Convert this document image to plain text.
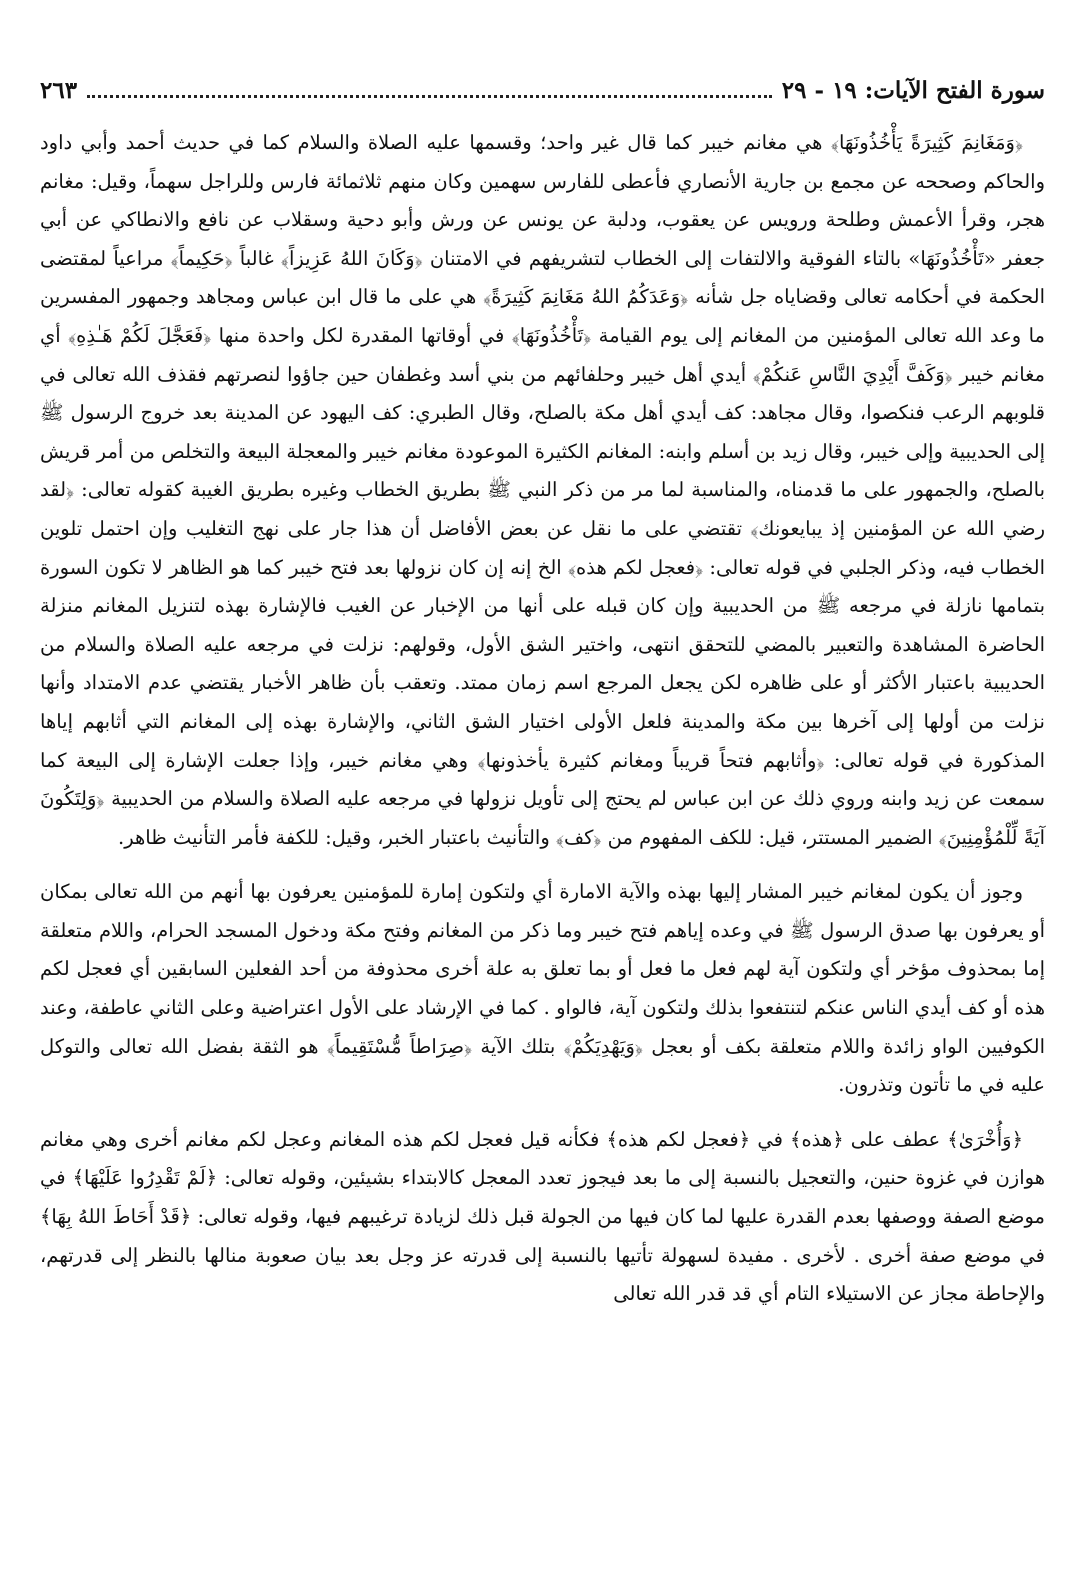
سورة الفتح الآيات: ١٩ - ٢٩
٢٦٣

﴿وَمَغَانِمَ كَثِيرَةً يَأْخُذُونَهَا﴾ هي مغانم خيبر كما قال غير واحد؛ وقسمها عليه الصلاة والسلام كما في حديث أحمد وأبي داود والحاكم وصححه عن مجمع بن جارية الأنصاري فأعطى للفارس سهمين وكان منهم ثلاثمائة فارس وللراجل سهماً، وقيل: مغانم هجر، وقرأ الأعمش وطلحة ورويس عن يعقوب، ودلبة عن يونس عن ورش وأبو دحية وسقلاب عن نافع والانطاكي عن أبي جعفر «تَأْخُذُونَهَا» بالتاء الفوقية والالتفات إلى الخطاب لتشريفهم في الامتنان ﴿وَكَانَ اللهُ عَزِيزاً﴾ غالباً ﴿حَكِيماً﴾ مراعياً لمقتضى الحكمة في أحكامه تعالى وقضاياه جل شأنه ﴿وَعَدَكُمُ اللهُ مَغَانِمَ كَثِيرَةً﴾ هي على ما قال ابن عباس ومجاهد وجمهور المفسرين ما وعد الله تعالى المؤمنين من المغانم إلى يوم القيامة ﴿تَأْخُذُونَهَا﴾ في أوقاتها المقدرة لكل واحدة منها ﴿فَعَجَّلَ لَكُمْ هَـٰذِهِ﴾ أي مغانم خيبر ﴿وَكَفَّ أَيْدِيَ النَّاسِ عَنكُمْ﴾ أيدي أهل خيبر وحلفائهم من بني أسد وغطفان حين جاؤوا لنصرتهم فقذف الله تعالى في قلوبهم الرعب فنكصوا، وقال مجاهد: كف أيدي أهل مكة بالصلح، وقال الطبري: كف اليهود عن المدينة بعد خروج الرسول ﷺ إلى الحديبية وإلى خيبر، وقال زيد بن أسلم وابنه: المغانم الكثيرة الموعودة مغانم خيبر والمعجلة البيعة والتخلص من أمر قريش بالصلح، والجمهور على ما قدمناه، والمناسبة لما مر من ذكر النبي ﷺ بطريق الخطاب وغيره بطريق الغيبة كقوله تعالى: ﴿لقد رضي الله عن المؤمنين إذ يبايعونك﴾ تقتضي على ما نقل عن بعض الأفاضل أن هذا جار على نهج التغليب وإن احتمل تلوين الخطاب فيه، وذكر الجلبي في قوله تعالى: ﴿فعجل لكم هذه﴾ الخ إنه إن كان نزولها بعد فتح خيبر كما هو الظاهر لا تكون السورة بتمامها نازلة في مرجعه ﷺ من الحديبية وإن كان قبله على أنها من الإخبار عن الغيب فالإشارة بهذه لتنزيل المغانم منزلة الحاضرة المشاهدة والتعبير بالمضي للتحقق انتهى، واختير الشق الأول، وقولهم: نزلت في مرجعه عليه الصلاة والسلام من الحديبية باعتبار الأكثر أو على ظاهره لكن يجعل المرجع اسم زمان ممتد. وتعقب بأن ظاهر الأخبار يقتضي عدم الامتداد وأنها نزلت من أولها إلى آخرها بين مكة والمدينة فلعل الأولى اختيار الشق الثاني، والإشارة بهذه إلى المغانم التي أثابهم إياها المذكورة في قوله تعالى: ﴿وأثابهم فتحاً قريباً ومغانم كثيرة يأخذونها﴾ وهي مغانم خيبر، وإذا جعلت الإشارة إلى البيعة كما سمعت عن زيد وابنه وروي ذلك عن ابن عباس لم يحتج إلى تأويل نزولها في مرجعه عليه الصلاة والسلام من الحديبية ﴿وَلِتَكُونَ آيَةً لِّلْمُؤْمِنِينَ﴾ الضمير المستتر، قيل: للكف المفهوم من ﴿كف﴾ والتأنيث باعتبار الخبر، وقيل: للكفة فأمر التأنيث ظاهر.

وجوز أن يكون لمغانم خيبر المشار إليها بهذه والآية الامارة أي ولتكون إمارة للمؤمنين يعرفون بها أنهم من الله تعالى بمكان أو يعرفون بها صدق الرسول ﷺ في وعده إياهم فتح خيبر وما ذكر من المغانم وفتح مكة ودخول المسجد الحرام، واللام متعلقة إما بمحذوف مؤخر أي ولتكون آية لهم فعل ما فعل أو بما تعلق به علة أخرى محذوفة من أحد الفعلين السابقين أي فعجل لكم هذه أو كف أيدي الناس عنكم لتنتفعوا بذلك ولتكون آية، فالواو . كما في الإرشاد على الأول اعتراضية وعلى الثاني عاطفة، وعند الكوفيين الواو زائدة واللام متعلقة بكف أو بعجل ﴿وَيَهْدِيَكُمْ﴾ بتلك الآية ﴿صِرَاطاً مُّسْتَقِيماً﴾ هو الثقة بفضل الله تعالى والتوكل عليه في ما تأتون وتذرون.

﴿وَأُخْرَىٰ﴾ عطف على ﴿هذه﴾ في ﴿فعجل لكم هذه﴾ فكأنه قيل فعجل لكم هذه المغانم وعجل لكم مغانم أخرى وهي مغانم هوازن في غزوة حنين، والتعجيل بالنسبة إلى ما بعد فيجوز تعدد المعجل كالابتداء بشيئين، وقوله تعالى: ﴿لَمْ تَقْدِرُوا عَلَيْهَا﴾ في موضع الصفة ووصفها بعدم القدرة عليها لما كان فيها من الجولة قبل ذلك لزيادة ترغيبهم فيها، وقوله تعالى: ﴿قَدْ أَحَاطَ اللهُ بِهَا﴾ في موضع صفة أخرى . لأخرى . مفيدة لسهولة تأتيها بالنسبة إلى قدرته عز وجل بعد بيان صعوبة منالها بالنظر إلى قدرتهم، والإحاطة مجاز عن الاستيلاء التام أي قد قدر الله تعالى
